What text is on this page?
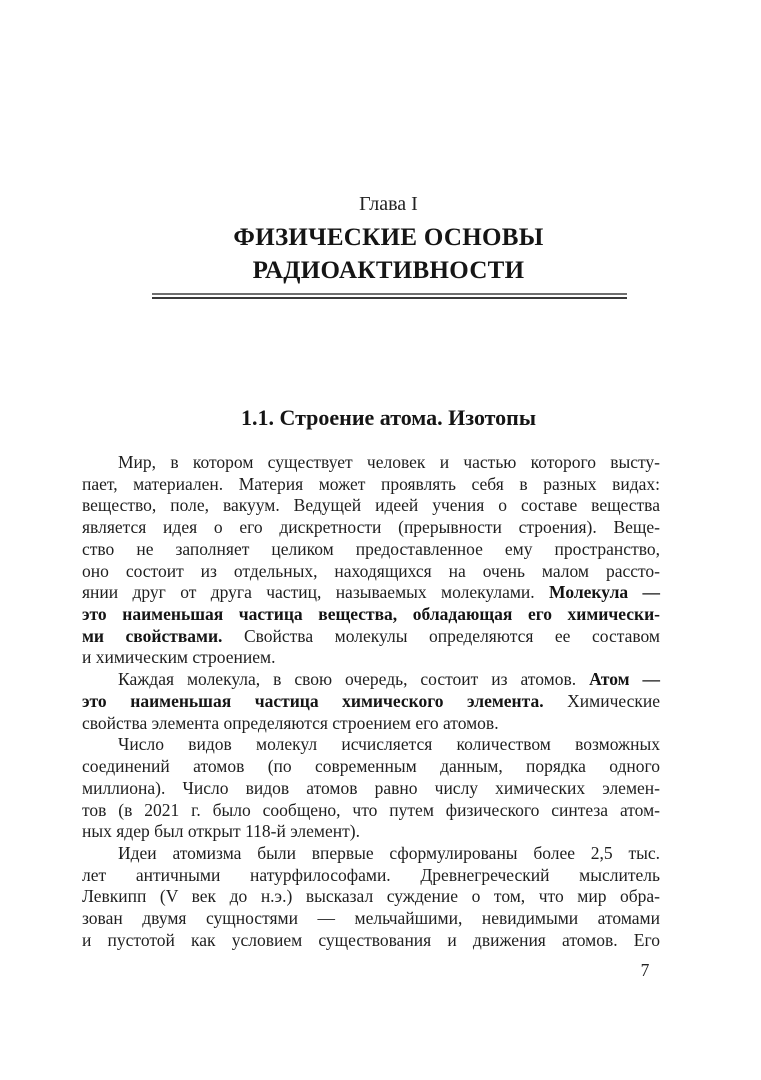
Глава I
ФИЗИЧЕСКИЕ ОСНОВЫ
РАДИОАКТИВНОСТИ
1.1. Строение атома. Изотопы
Мир, в котором существует человек и частью которого высту-
пает, материален. Материя может проявлять себя в разных видах:
вещество, поле, вакуум. Ведущей идеей учения о составе вещества
является идея о его дискретности (прерывности строения). Веще-
ство не заполняет целиком предоставленное ему пространство,
оно состоит из отдельных, находящихся на очень малом рассто-
янии друг от друга частиц, называемых молекулами. Молекула —
это наименьшая частица вещества, обладающая его химически-
ми свойствами. Свойства молекулы определяются ее составом
и химическим строением.
Каждая молекула, в свою очередь, состоит из атомов. Атом —
это наименьшая частица химического элемента. Химические
свойства элемента определяются строением его атомов.
Число видов молекул исчисляется количеством возможных
соединений атомов (по современным данным, порядка одного
миллиона). Число видов атомов равно числу химических элемен-
тов (в 2021 г. было сообщено, что путем физического синтеза атом-
ных ядер был открыт 118-й элемент).
Идеи атомизма были впервые сформулированы более 2,5 тыс.
лет античными натурфилософами. Древнегреческий мыслитель
Левкипп (V век до н.э.) высказал суждение о том, что мир обра-
зован двумя сущностями — мельчайшими, невидимыми атомами
и пустотой как условием существования и движения атомов. Его
7
